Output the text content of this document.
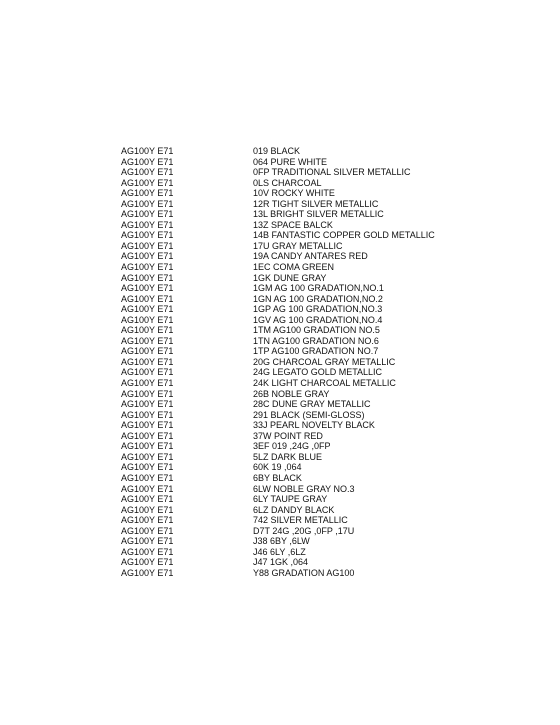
AG100Y E71	019 BLACK
AG100Y E71	064 PURE WHITE
AG100Y E71	0FP TRADITIONAL SILVER METALLIC
AG100Y E71	0LS CHARCOAL
AG100Y E71	10V ROCKY WHITE
AG100Y E71	12R TIGHT SILVER METALLIC
AG100Y E71	13L BRIGHT SILVER METALLIC
AG100Y E71	13Z SPACE BALCK
AG100Y E71	14B FANTASTIC COPPER GOLD METALLIC
AG100Y E71	17U GRAY METALLIC
AG100Y E71	19A CANDY ANTARES RED
AG100Y E71	1EC COMA GREEN
AG100Y E71	1GK DUNE GRAY
AG100Y E71	1GM AG 100 GRADATION,NO.1
AG100Y E71	1GN AG 100 GRADATION,NO.2
AG100Y E71	1GP AG 100 GRADATION,NO.3
AG100Y E71	1GV AG 100 GRADATION,NO.4
AG100Y E71	1TM AG100 GRADATION NO.5
AG100Y E71	1TN AG100 GRADATION NO.6
AG100Y E71	1TP AG100 GRADATION NO.7
AG100Y E71	20G CHARCOAL GRAY METALLIC
AG100Y E71	24G LEGATO GOLD METALLIC
AG100Y E71	24K LIGHT CHARCOAL METALLIC
AG100Y E71	26B NOBLE GRAY
AG100Y E71	28C DUNE GRAY METALLIC
AG100Y E71	291 BLACK (SEMI-GLOSS)
AG100Y E71	33J PEARL NOVELTY BLACK
AG100Y E71	37W POINT RED
AG100Y E71	3EF 019 ,24G ,0FP
AG100Y E71	5LZ DARK BLUE
AG100Y E71	60K 19 ,064
AG100Y E71	6BY BLACK
AG100Y E71	6LW NOBLE GRAY NO.3
AG100Y E71	6LY TAUPE GRAY
AG100Y E71	6LZ DANDY BLACK
AG100Y E71	742 SILVER METALLIC
AG100Y E71	D7T 24G ,20G ,0FP ,17U
AG100Y E71	J38 6BY ,6LW
AG100Y E71	J46 6LY ,6LZ
AG100Y E71	J47 1GK ,064
AG100Y E71	Y88 GRADATION AG100
